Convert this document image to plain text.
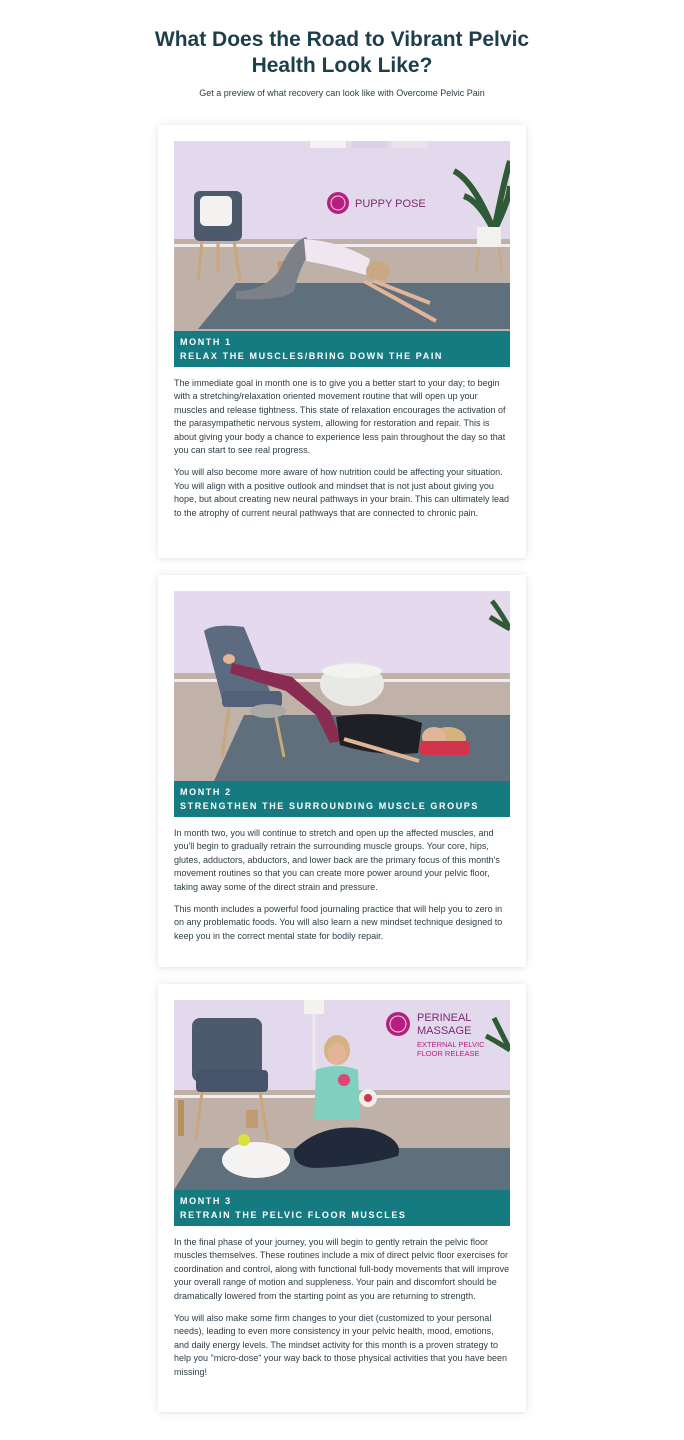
What Does the Road to Vibrant Pelvic Health Look Like?

Get a preview of what recovery can look like with Overcome Pelvic Pain

PUPPY POSE
MONTH 1
RELAX THE MUSCLES/BRING DOWN THE PAIN

The immediate goal in month one is to give you a better start to your day; to begin with a stretching/relaxation oriented movement routine that will open up your muscles and release tightness. This state of relaxation encourages the activation of the parasympathetic nervous system, allowing for restoration and repair. This is about giving your body a chance to experience less pain throughout the day so that you can start to see real progress.

You will also become more aware of how nutrition could be affecting your situation. You will align with a positive outlook and mindset that is not just about giving you hope, but about creating new neural pathways in your brain. This can ultimately lead to the atrophy of current neural pathways that are connected to chronic pain.

MONTH 2
STRENGTHEN THE SURROUNDING MUSCLE GROUPS

In month two, you will continue to stretch and open up the affected muscles, and you'll begin to gradually retrain the surrounding muscle groups. Your core, hips, glutes, adductors, abductors, and lower back are the primary focus of this month's movement routines so that you can create more power around your pelvic floor, taking away some of the direct strain and pressure.

This month includes a powerful food journaling practice that will help you to zero in on any problematic foods. You will also learn a new mindset technique designed to keep you in the correct mental state for bodily repair.

PERINEAL
MASSAGE
EXTERNAL PELVIC
FLOOR RELEASE
MONTH 3
RETRAIN THE PELVIC FLOOR MUSCLES

In the final phase of your journey, you will begin to gently retrain the pelvic floor muscles themselves. These routines include a mix of direct pelvic floor exercises for coordination and control, along with functional full-body movements that will improve your overall range of motion and suppleness. Your pain and discomfort should be dramatically lowered from the starting point as you are returning to strength.

You will also make some firm changes to your diet (customized to your personal needs), leading to even more consistency in your pelvic health, mood, emotions, and daily energy levels. The mindset activity for this month is a proven strategy to help you "micro-dose" your way back to those physical activities that you have been missing!
